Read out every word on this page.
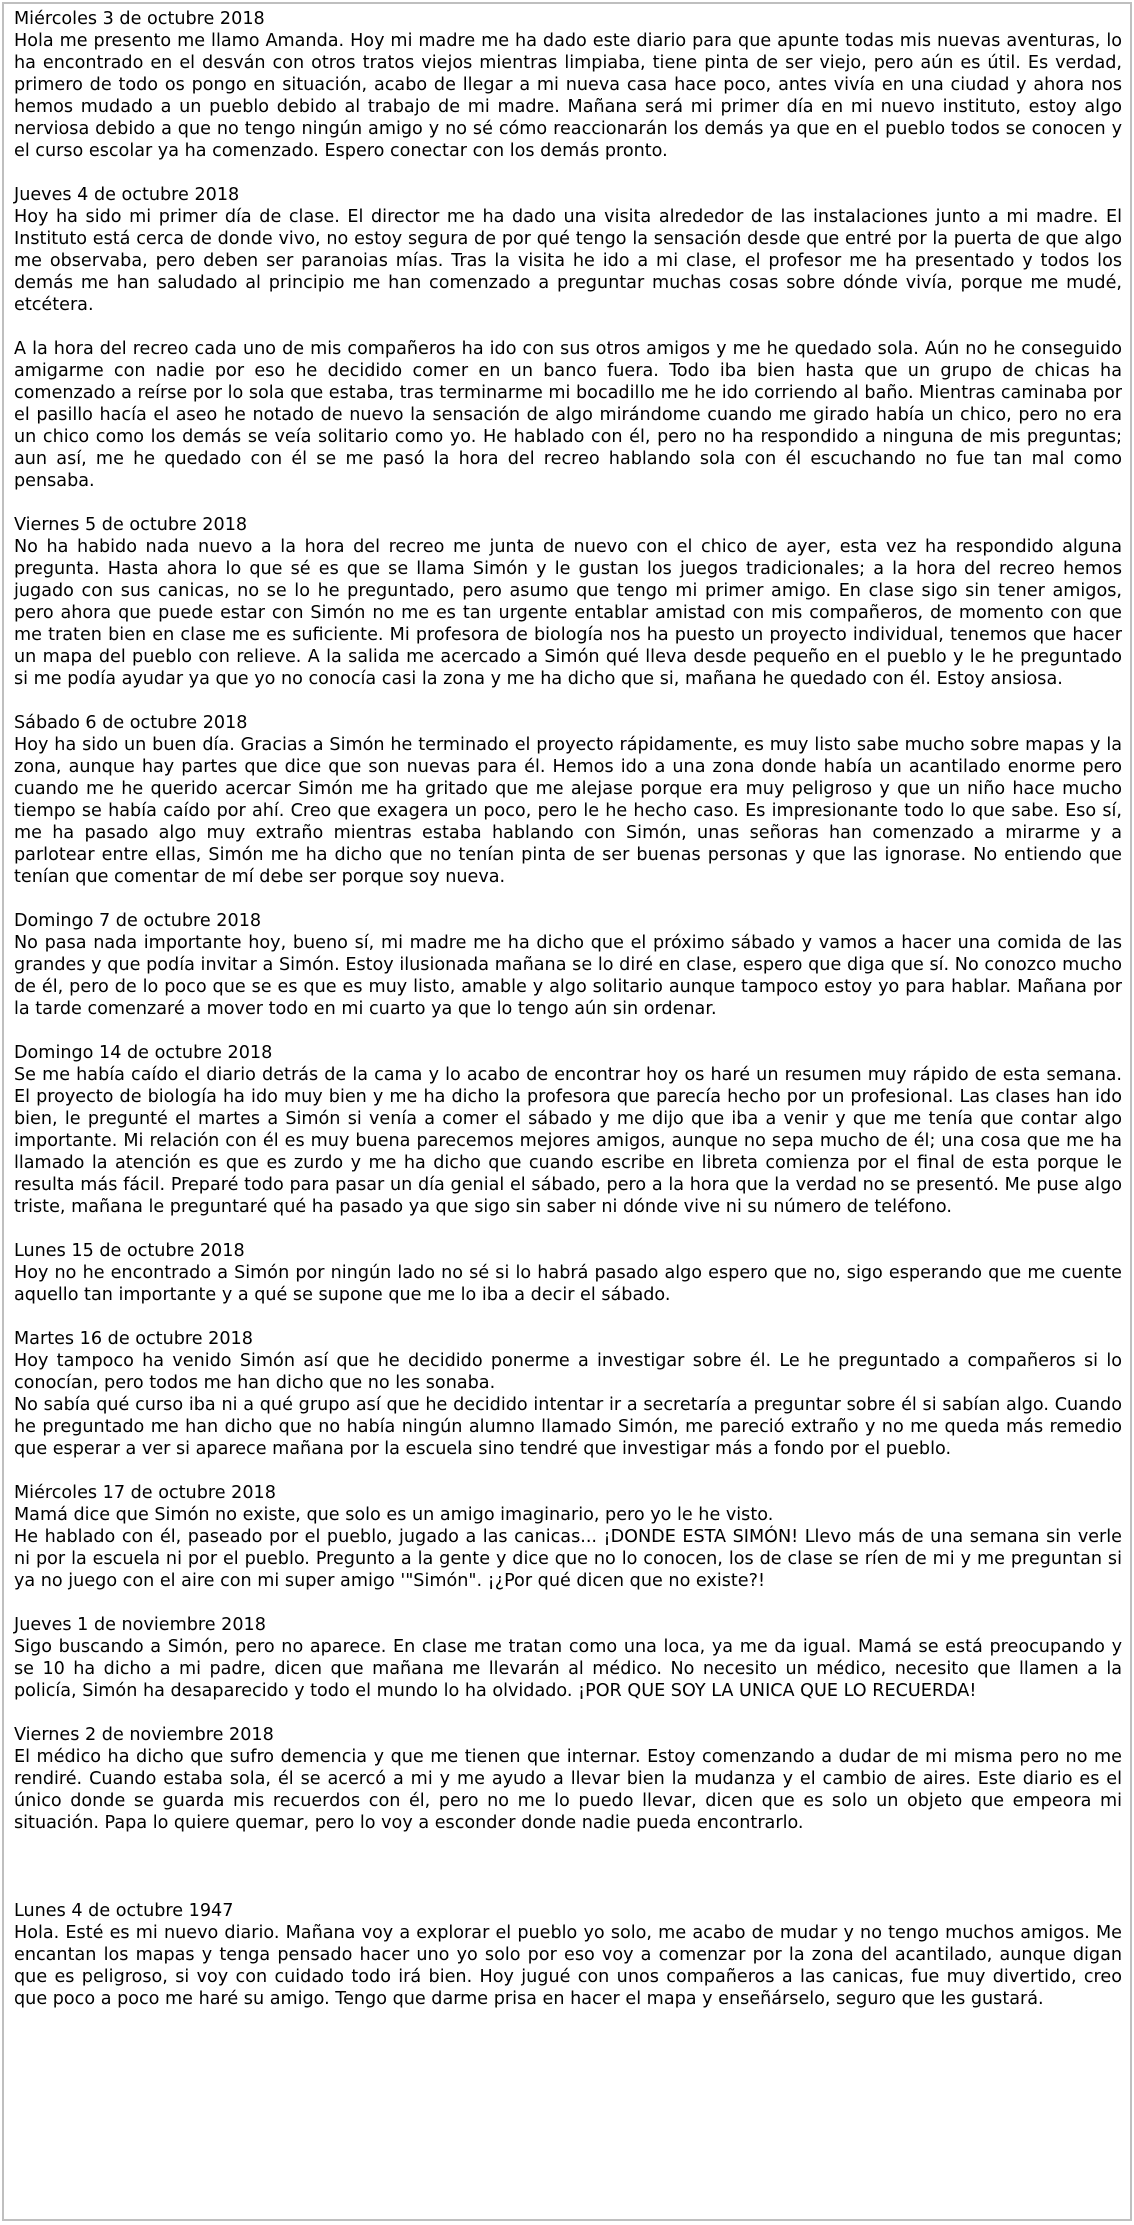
Miércoles 3 de octubre 2018

Hola me presento me llamo Amanda. Hoy mi madre me ha dado este diario para que apunte todas mis nuevas aventuras, lo ha encontrado en el desván con otros tratos viejos mientras limpiaba, tiene pinta de ser viejo, pero aún es útil. Es verdad, primero de todo os pongo en situación, acabo de llegar a mi nueva casa hace poco, antes vivía en una ciudad y ahora nos hemos mudado a un pueblo debido al trabajo de mi madre. Mañana será mi primer día en mi nuevo instituto, estoy algo nerviosa debido a que no tengo ningún amigo y no sé cómo reaccionarán los demás ya que en el pueblo todos se conocen y el curso escolar ya ha comenzado. Espero conectar con los demás pronto.

Jueves 4 de octubre 2018

Hoy ha sido mi primer día de clase. El director me ha dado una visita alrededor de las instalaciones junto a mi madre. El Instituto está cerca de donde vivo, no estoy segura de por qué tengo la sensación desde que entré por la puerta de que algo me observaba, pero deben ser paranoias mías. Tras la visita he ido a mi clase, el profesor me ha presentado y todos los demás me han saludado al principio me han comenzado a preguntar muchas cosas sobre dónde vivía, porque me mudé, etcétera.

A la hora del recreo cada uno de mis compañeros ha ido con sus otros amigos y me he quedado sola. Aún no he conseguido amigarme con nadie por eso he decidido comer en un banco fuera. Todo iba bien hasta que un grupo de chicas ha comenzado a reírse por lo sola que estaba, tras terminarme mi bocadillo me he ido corriendo al baño. Mientras caminaba por el pasillo hacía el aseo he notado de nuevo la sensación de algo mirándome cuando me girado había un chico, pero no era un chico como los demás se veía solitario como yo. He hablado con él, pero no ha respondido a ninguna de mis preguntas; aun así, me he quedado con él se me pasó la hora del recreo hablando sola con él escuchando no fue tan mal como pensaba.

Viernes 5 de octubre 2018

No ha habido nada nuevo a la hora del recreo me junta de nuevo con el chico de ayer, esta vez ha respondido alguna pregunta. Hasta ahora lo que sé es que se llama Simón y le gustan los juegos tradicionales; a la hora del recreo hemos jugado con sus canicas, no se lo he preguntado, pero asumo que tengo mi primer amigo. En clase sigo sin tener amigos, pero ahora que puede estar con Simón no me es tan urgente entablar amistad con mis compañeros, de momento con que me traten bien en clase me es suficiente. Mi profesora de biología nos ha puesto un proyecto individual, tenemos que hacer un mapa del pueblo con relieve. A la salida me acercado a Simón qué lleva desde pequeño en el pueblo y le he preguntado si me podía ayudar ya que yo no conocía casi la zona y me ha dicho que si, mañana he quedado con él. Estoy ansiosa.

Sábado 6 de octubre 2018

Hoy ha sido un buen día. Gracias a Simón he terminado el proyecto rápidamente, es muy listo sabe mucho sobre mapas y la zona, aunque hay partes que dice que son nuevas para él. Hemos ido a una zona donde había un acantilado enorme pero cuando me he querido acercar Simón me ha gritado que me alejase porque era muy peligroso y que un niño hace mucho tiempo se había caído por ahí. Creo que exagera un poco, pero le he hecho caso. Es impresionante todo lo que sabe. Eso sí, me ha pasado algo muy extraño mientras estaba hablando con Simón, unas señoras han comenzado a mirarme y a parlotear entre ellas, Simón me ha dicho que no tenían pinta de ser buenas personas y que las ignorase. No entiendo que tenían que comentar de mí debe ser porque soy nueva.

Domingo 7 de octubre 2018

No pasa nada importante hoy, bueno sí, mi madre me ha dicho que el próximo sábado y vamos a hacer una comida de las grandes y que podía invitar a Simón. Estoy ilusionada mañana se lo diré en clase, espero que diga que sí. No conozco mucho de él, pero de lo poco que se es que es muy listo, amable y algo solitario aunque tampoco estoy yo para hablar. Mañana por la tarde comenzaré a mover todo en mi cuarto ya que lo tengo aún sin ordenar.

Domingo 14 de octubre 2018

Se me había caído el diario detrás de la cama y lo acabo de encontrar hoy os haré un resumen muy rápido de esta semana. El proyecto de biología ha ido muy bien y me ha dicho la profesora que parecía hecho por un profesional. Las clases han ido bien, le pregunté el martes a Simón si venía a comer el sábado y me dijo que iba a venir y que me tenía que contar algo importante. Mi relación con él es muy buena parecemos mejores amigos, aunque no sepa mucho de él; una cosa que me ha llamado la atención es que es zurdo y me ha dicho que cuando escribe en libreta comienza por el final de esta porque le resulta más fácil. Preparé todo para pasar un día genial el sábado, pero a la hora que la verdad no se presentó. Me puse algo triste, mañana le preguntaré qué ha pasado ya que sigo sin saber ni dónde vive ni su número de teléfono.

Lunes 15 de octubre 2018

Hoy no he encontrado a Simón por ningún lado no sé si lo habrá pasado algo espero que no, sigo esperando que me cuente aquello tan importante y a qué se supone que me lo iba a decir el sábado.

Martes 16 de octubre 2018

Hoy tampoco ha venido Simón así que he decidido ponerme a investigar sobre él. Le he preguntado a compañeros si lo conocían, pero todos me han dicho que no les sonaba.

No sabía qué curso iba ni a qué grupo así que he decidido intentar ir a secretaría a preguntar sobre él si sabían algo. Cuando he preguntado me han dicho que no había ningún alumno llamado Simón, me pareció extraño y no me queda más remedio que esperar a ver si aparece mañana por la escuela sino tendré que investigar más a fondo por el pueblo.

Miércoles 17 de octubre 2018

Mamá dice que Simón no existe, que solo es un amigo imaginario, pero yo le he visto.

He hablado con él, paseado por el pueblo, jugado a las canicas... ¡DONDE ESTA SIMÓN! Llevo más de una semana sin verle ni por la escuela ni por el pueblo. Pregunto a la gente y dice que no lo conocen, los de clase se ríen de mi y me preguntan si ya no juego con el aire con mi super amigo '"Simón". ¡¿Por qué dicen que no existe?!

Jueves 1 de noviembre 2018

Sigo buscando a Simón, pero no aparece. En clase me tratan como una loca, ya me da igual. Mamá se está preocupando y se 10 ha dicho a mi padre, dicen que mañana me llevarán al médico. No necesito un médico, necesito que llamen a la policía, Simón ha desaparecido y todo el mundo lo ha olvidado. ¡POR QUE SOY LA UNICA QUE LO RECUERDA!

Viernes 2 de noviembre 2018

El médico ha dicho que sufro demencia y que me tienen que internar. Estoy comenzando a dudar de mi misma pero no me rendiré. Cuando estaba sola, él se acercó a mi y me ayudo a llevar bien la mudanza y el cambio de aires. Este diario es el único donde se guarda mis recuerdos con él, pero no me lo puedo llevar, dicen que es solo un objeto que empeora mi situación. Papa lo quiere quemar, pero lo voy a esconder donde nadie pueda encontrarlo.

Lunes 4 de octubre 1947

Hola. Esté es mi nuevo diario. Mañana voy a explorar el pueblo yo solo, me acabo de mudar y no tengo muchos amigos. Me encantan los mapas y tenga pensado hacer uno yo solo por eso voy a comenzar por la zona del acantilado, aunque digan que es peligroso, si voy con cuidado todo irá bien. Hoy jugué con unos compañeros a las canicas, fue muy divertido, creo que poco a poco me haré su amigo. Tengo que darme prisa en hacer el mapa y enseñárselo, seguro que les gustará.
